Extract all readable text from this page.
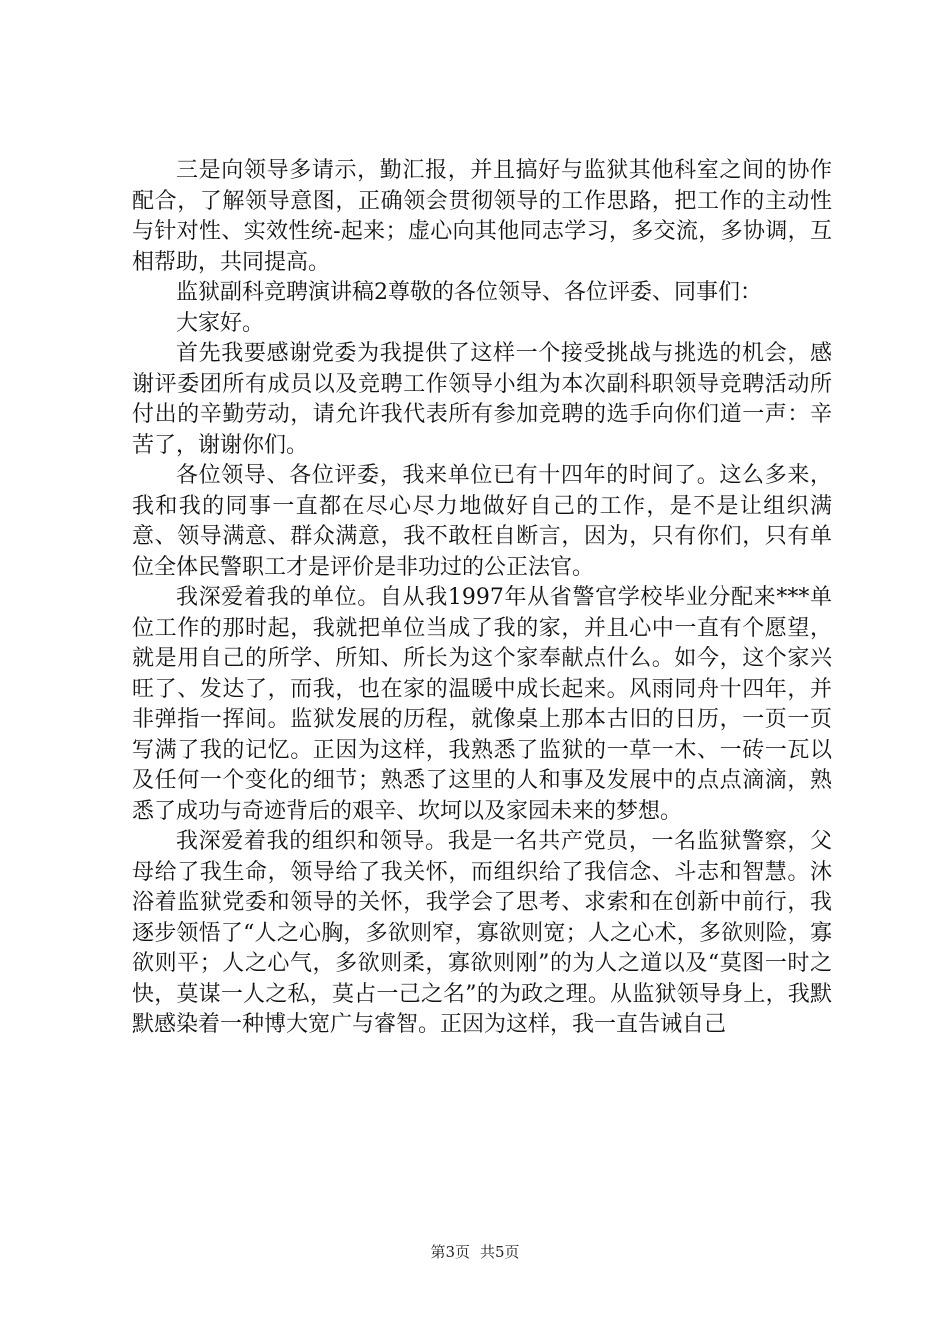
三是向领导多请示，勤汇报，并且搞好与监狱其他科室之间的协作配合，了解领导意图，正确领会贯彻领导的工作思路，把工作的主动性与针对性、实效性统-起来；虚心向其他同志学习，多交流，多协调，互相帮助，共同提高。

监狱副科竞聘演讲稿2尊敬的各位领导、各位评委、同事们：

大家好。

首先我要感谢党委为我提供了这样一个接受挑战与挑选的机会，感谢评委团所有成员以及竞聘工作领导小组为本次副科职领导竞聘活动所付出的辛勤劳动，请允许我代表所有参加竞聘的选手向你们道一声：辛苦了，谢谢你们。

各位领导、各位评委，我来单位已有十四年的时间了。这么多来，我和我的同事一直都在尽心尽力地做好自己的工作，是不是让组织满意、领导满意、群众满意，我不敢枉自断言，因为，只有你们，只有单位全体民警职工才是评价是非功过的公正法官。

我深爱着我的单位。自从我1997年从省警官学校毕业分配来***单位工作的那时起，我就把单位当成了我的家，并且心中一直有个愿望，就是用自己的所学、所知、所长为这个家奉献点什么。如今，这个家兴旺了、发达了，而我，也在家的温暖中成长起来。风雨同舟十四年，并非弹指一挥间。监狱发展的历程，就像桌上那本古旧的日历，一页一页写满了我的记忆。正因为这样，我熟悉了监狱的一草一木、一砖一瓦以及任何一个变化的细节；熟悉了这里的人和事及发展中的点点滴滴，熟悉了成功与奇迹背后的艰辛、坎坷以及家园未来的梦想。

我深爱着我的组织和领导。我是一名共产党员，一名监狱警察，父母给了我生命，领导给了我关怀，而组织给了我信念、斗志和智慧。沐浴着监狱党委和领导的关怀，我学会了思考、求索和在创新中前行，我逐步领悟了“人之心胸，多欲则窄，寡欲则宽；人之心术，多欲则险，寡欲则平；人之心气，多欲则柔，寡欲则刚”的为人之道以及“莫图一时之快，莫谋一人之私，莫占一己之名”的为政之理。从监狱领导身上，我默默感染着一种博大宽广与睿智。正因为这样，我一直告诫自己

第3页 共5页
